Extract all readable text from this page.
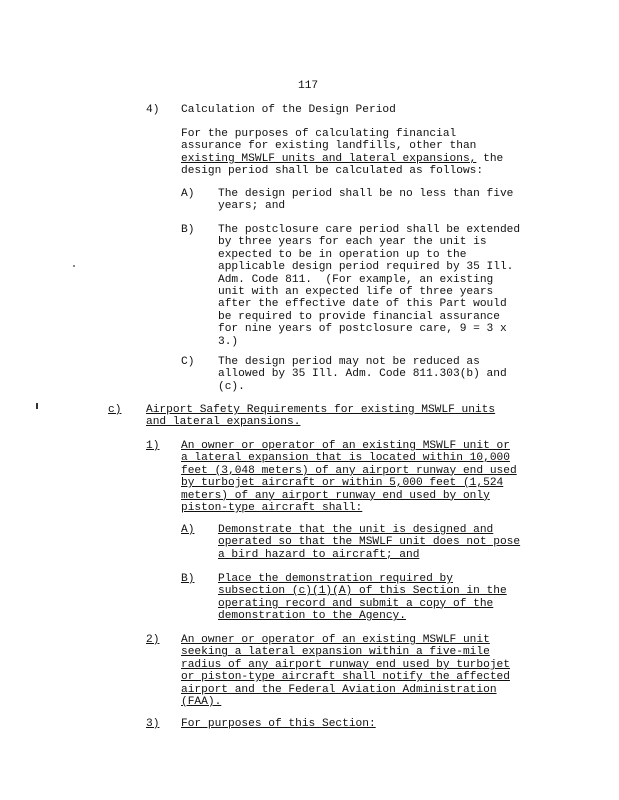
117
4) Calculation of the Design Period
For the purposes of calculating financial
assurance for existing landfills, other than
existing MSWLF units and lateral expansions, the
design period shall be calculated as follows:
A) The design period shall be no less than five
years; and
B) The postclosure care period shall be extended
by three years for each year the unit is
expected to be in operation up to the
applicable design period required by 35 Ill.
Adm. Code 811.  (For example, an existing
unit with an expected life of three years
after the effective date of this Part would
be required to provide financial assurance
for nine years of postclosure care, 9 = 3 x
3.)
C) The design period may not be reduced as
allowed by 35 Ill. Adm. Code 811.303(b) and
(c).
c) Airport Safety Requirements for existing MSWLF units
and lateral expansions.
1) An owner or operator of an existing MSWLF unit or
a lateral expansion that is located within 10,000
feet (3,048 meters) of any airport runway end used
by turbojet aircraft or within 5,000 feet (1,524
meters) of any airport runway end used by only
piston-type aircraft shall:
A) Demonstrate that the unit is designed and
operated so that the MSWLF unit does not pose
a bird hazard to aircraft; and
B) Place the demonstration required by
subsection (c)(1)(A) of this Section in the
operating record and submit a copy of the
demonstration to the Agency.
2) An owner or operator of an existing MSWLF unit
seeking a lateral expansion within a five-mile
radius of any airport runway end used by turbojet
or piston-type aircraft shall notify the affected
airport and the Federal Aviation Administration
(FAA).
3) For purposes of this Section:
